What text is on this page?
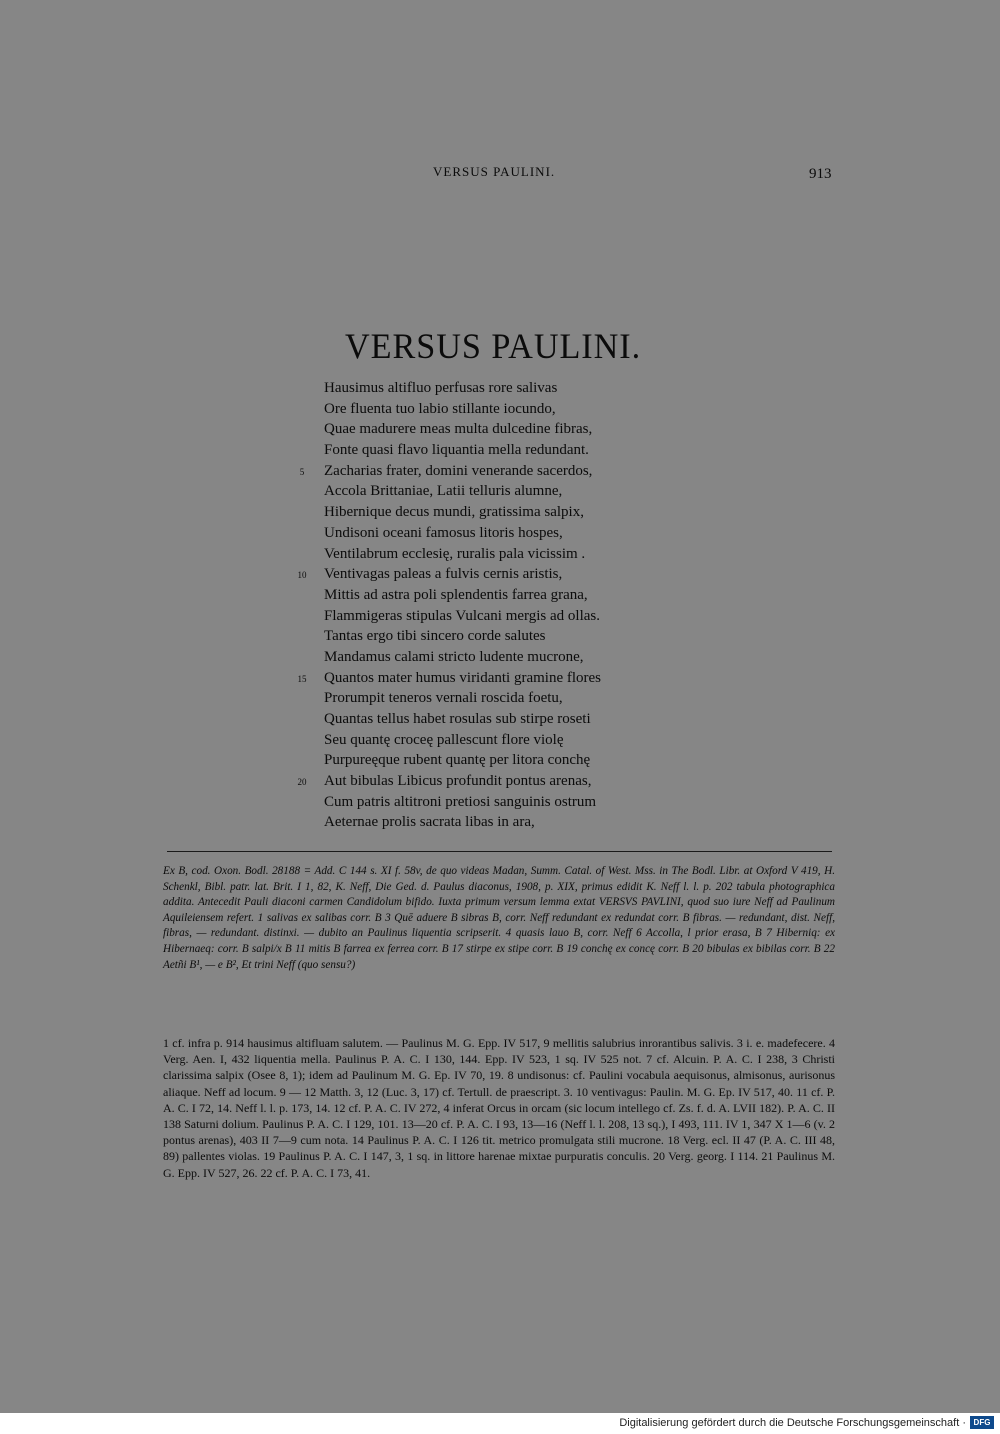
VERSUS PAULINI.	913
VERSUS PAULINI.
Hausimus altifluo perfusas rore salivas
Ore fluenta tuo labio stillante iocundo,
Quae madurere meas multa dulcedine fibras,
Fonte quasi flavo liquantia mella redundant.
5	Zacharias frater, domini venerande sacerdos,
Accola Brittaniae, Latii telluris alumne,
Hibernique decus mundi, gratissima salpix,
Undisoni oceani famosus litoris hospes,
Ventilabrum ecclesię, ruralis pala vicissim .
10	Ventivagas paleas a fulvis cernis aristis,
Mittis ad astra poli splendentis farrea grana,
Flammigeras stipulas Vulcani mergis ad ollas.
Tantas ergo tibi sincero corde salutes
Mandamus calami stricto ludente mucrone,
15	Quantos mater humus viridanti gramine flores
Prorumpit teneros vernali roscida foetu,
Quantas tellus habet rosulas sub stirpe roseti
Seu quantę crocеę pallescunt flore violę
Purpureęque rubent quantę per litora conchę
20	Aut bibulas Libicus profundit pontus arenas,
Cum patris altitroni pretiosi sanguinis ostrum
Aeternae prolis sacrata libas in ara,
Ex B, cod. Oxon. Bodl. 28188 = Add. C 144 s. XI f. 58v, de quo videas Madan, Summ. Catal. of West. Mss. in The Bodl. Libr. at Oxford V 419, H. Schenkl, Bibl. patr. lat. Brit. I 1, 82, K. Neff, Die Ged. d. Paulus diaconus, 1908, p. XIX, primus edidit K. Neff l. l. p. 202 tabula photographica addita. Antecedit Pauli diaconi carmen Candidolum bifido. Iuxta primum versum lemma extat VERSVS PAVLINI, quod suo iure Neff ad Paulinum Aquileiensem refert. 1 salivas ex salibas corr. B 3 Quē aduere B sibras B, corr. Neff redundant ex redundat corr. B fibras. — redundant, dist. Neff, fibras, — redundant. distinxi. — dubito an Paulinus liquentia scripserit. 4 quasis lauo B, corr. Neff 6 Accolla, l prior erasa, B 7 Hiberniq: ex Hibernaeq: corr. B salpi/x B 11 mitis B farrea ex ferrea corr. B 17 stirpe ex stipe corr. B 19 conchę ex concę corr. B 20 bibulas ex bibilas corr. B 22 Aetñi B¹, — e B², Et trini Neff (quo sensu?)
1 cf. infra p. 914 hausimus altifluam salutem. — Paulinus M. G. Epp. IV 517, 9 mellitis salubrius inrorantibus salivis. 3 i. e. madefecere. 4 Verg. Aen. I, 432 liquentia mella. Paulinus P. A. C. I 130, 144. Epp. IV 523, 1 sq. IV 525 not. 7 cf. Alcuin. P. A. C. I 238, 3 Christi clarissima salpix (Osee 8, 1); idem ad Paulinum M. G. Ep. IV 70, 19. 8 undisonus: cf. Paulini vocabula aequisonus, almisonus, aurisonus aliaque. Neff ad locum. 9 — 12 Matth. 3, 12 (Luc. 3, 17) cf. Tertull. de praescript. 3. 10 ventivagus: Paulin. M. G. Ep. IV 517, 40. 11 cf. P. A. C. I 72, 14. Neff l. l. p. 173, 14. 12 cf. P. A. C. IV 272, 4 inferat Orcus in orcam (sic locum intellego cf. Zs. f. d. A. LVII 182). P. A. C. II 138 Saturni dolium. Paulinus P. A. C. I 129, 101. 13—20 cf. P. A. C. I 93, 13—16 (Neff l. l. 208, 13 sq.), I 493, 111. IV 1, 347 X 1—6 (v. 2 pontus arenas), 403 II 7—9 cum nota. 14 Paulinus P. A. C. I 126 tit. metrico promulgata stili mucrone. 18 Verg. ecl. II 47 (P. A. C. III 48, 89) pallentes violas. 19 Paulinus P. A. C. I 147, 3, 1 sq. in littore harenae mixtae purpuratis conculis. 20 Verg. georg. I 114. 21 Paulinus M. G. Epp. IV 527, 26. 22 cf. P. A. C. I 73, 41.
Digitalisierung gefördert durch die Deutsche Forschungsgemeinschaft · DFG
